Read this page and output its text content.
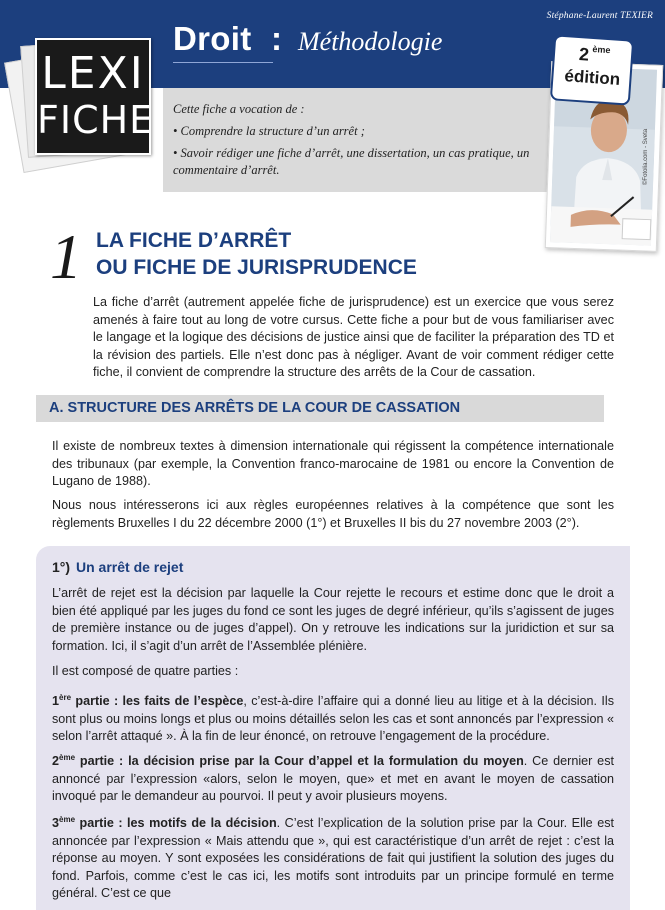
Stéphane-Laurent TEXIER
Droit : Méthodologie
LEXI
FICHE Cette fiche a vocation de :
• Comprendre la structure d’un arrêt ;
• Savoir rédiger une fiche d’arrêt, une dissertation, un cas pratique, un commentaire d’arrêt.	©Fotolia.com - Sveta
2 ème
édition
1 LA FICHE D’ARRÊT
OU FICHE DE JURISPRUDENCE
La fiche d’arrêt (autrement appelée fiche de jurisprudence) est un exercice que vous serez amenés à faire tout au long de votre cursus. Cette fiche a pour but de vous familiariser avec le langage et la logique des décisions de justice ainsi que de faciliter la préparation des TD et la révision des partiels. Elle n’est donc pas à négliger. Avant de voir comment rédiger cette fiche, il convient de comprendre la structure des arrêts de la Cour de cassation.
A. STRUCTURE DES ARRÊTS DE LA COUR DE CASSATION
Il existe de nombreux textes à dimension internationale qui régissent la compétence internationale des tribunaux (par exemple, la Convention franco-marocaine de 1981 ou encore la Convention de Lugano de 1988).
Nous nous intéresserons ici aux règles européennes relatives à la compétence que sont les règlements Bruxelles I du 22 décembre 2000 (1°) et Bruxelles II bis du 27 novembre 2003 (2°).
1°) Un arrêt de rejet
L’arrêt de rejet est la décision par laquelle la Cour rejette le recours et estime donc que le droit a bien été appliqué par les juges du fond ce sont les juges de degré inférieur, qu’ils s’agissent de juges de première instance ou de juges d’appel). On y retrouve les indications sur la juridiction et sur sa formation. Ici, il s’agit d’un arrêt de l’Assemblée plénière.
Il est composé de quatre parties :
1ère partie : les faits de l’espèce, c’est-à-dire l’affaire qui a donné lieu au litige et à la décision. Ils sont plus ou moins longs et plus ou moins détaillés selon les cas et sont annoncés par l’expression « selon l’arrêt attaqué ». À la fin de leur énoncé, on retrouve l’engagement de la procédure.
2ème partie : la décision prise par la Cour d’appel et la formulation du moyen. Ce dernier est annoncé par l’expression «alors, selon le moyen, que» et met en avant le moyen de cassation invoqué par le demandeur au pourvoi. Il peut y avoir plusieurs moyens.
3ème partie : les motifs de la décision. C’est l’explication de la solution prise par la Cour. Elle est annoncée par l’expression « Mais attendu que », qui est caractéristique d’un arrêt de rejet : c’est la réponse au moyen. Y sont exposées les considérations de fait qui justifient la solution des juges du fond. Parfois, comme c’est le cas ici, les motifs sont introduits par un principe formulé en terme général. C’est ce que
